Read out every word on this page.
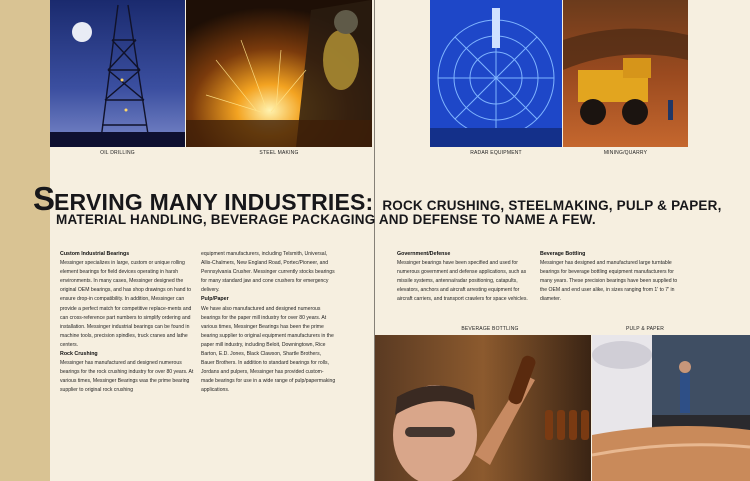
OIL DRILLING	STEEL MAKING	RADAR EQUIPMENT	MINING/QUARRY
SERVING MANY INDUSTRIES: ROCK CRUSHING, STEELMAKING, PULP & PAPER,
MATERIAL HANDLING, BEVERAGE PACKAGING AND DEFENSE TO NAME A FEW.
Custom Industrial Bearings

Messinger specializes in large, custom or unique rolling element bearings for field devices operating in harsh environments. In many cases, Messinger designed the original OEM bearings, and has shop drawings on hand to ensure drop-in compatibility. In addition, Messinger can provide a perfect match for competitive replace-ments and can cross-reference part numbers to simplify ordering and installation. Messinger industrial bearings can be found in machine tools, precision spindles, truck cranes and lathe centers.

Rock Crushing

Messinger has manufactured and designed numerous bearings for the rock crushing industry for over 80 years. At various times, Messinger Bearings was the prime bearing supplier to original rock crushing

equipment manufacturers, including Telsmith, Universal, Allis-Chalmers, New England Road, Portec/Pioneer, and Pennsylvania Crusher. Messinger currently stocks bearings for many standard jaw and cone crushers for emergency delivery.

Pulp/Paper

We have also manufactured and designed numerous bearings for the paper mill industry for over 80 years. At various times, Messinger Bearings has been the prime bearing supplier to original equipment manufacturers in the paper mill industry, including Beloit, Downingtown, Rice Barton, E.D. Jones, Black Clawson, Shartle Brothers, Bauer Brothers. In addition to standard bearings for rolls, Jordans and pulpers, Messinger has provided custom-made bearings for use in a wide range of pulp/papermaking applications.

Government/Defense

Messinger bearings have been specified and used for numerous government and defense applications, such as missile systems, antenna/radar positioning, catapults, elevators, anchors and aircraft arresting equipment for aircraft carriers, and transport crawlers for space vehicles.

Beverage Bottling

Messinger has designed and manufactured large turntable bearings for beverage bottling equipment manufacturers for many years. These precision bearings have been supplied to the OEM and end user alike, in sizes ranging from 1' to 7' in diameter.

BEVERAGE BOTTLING	PULP & PAPER
